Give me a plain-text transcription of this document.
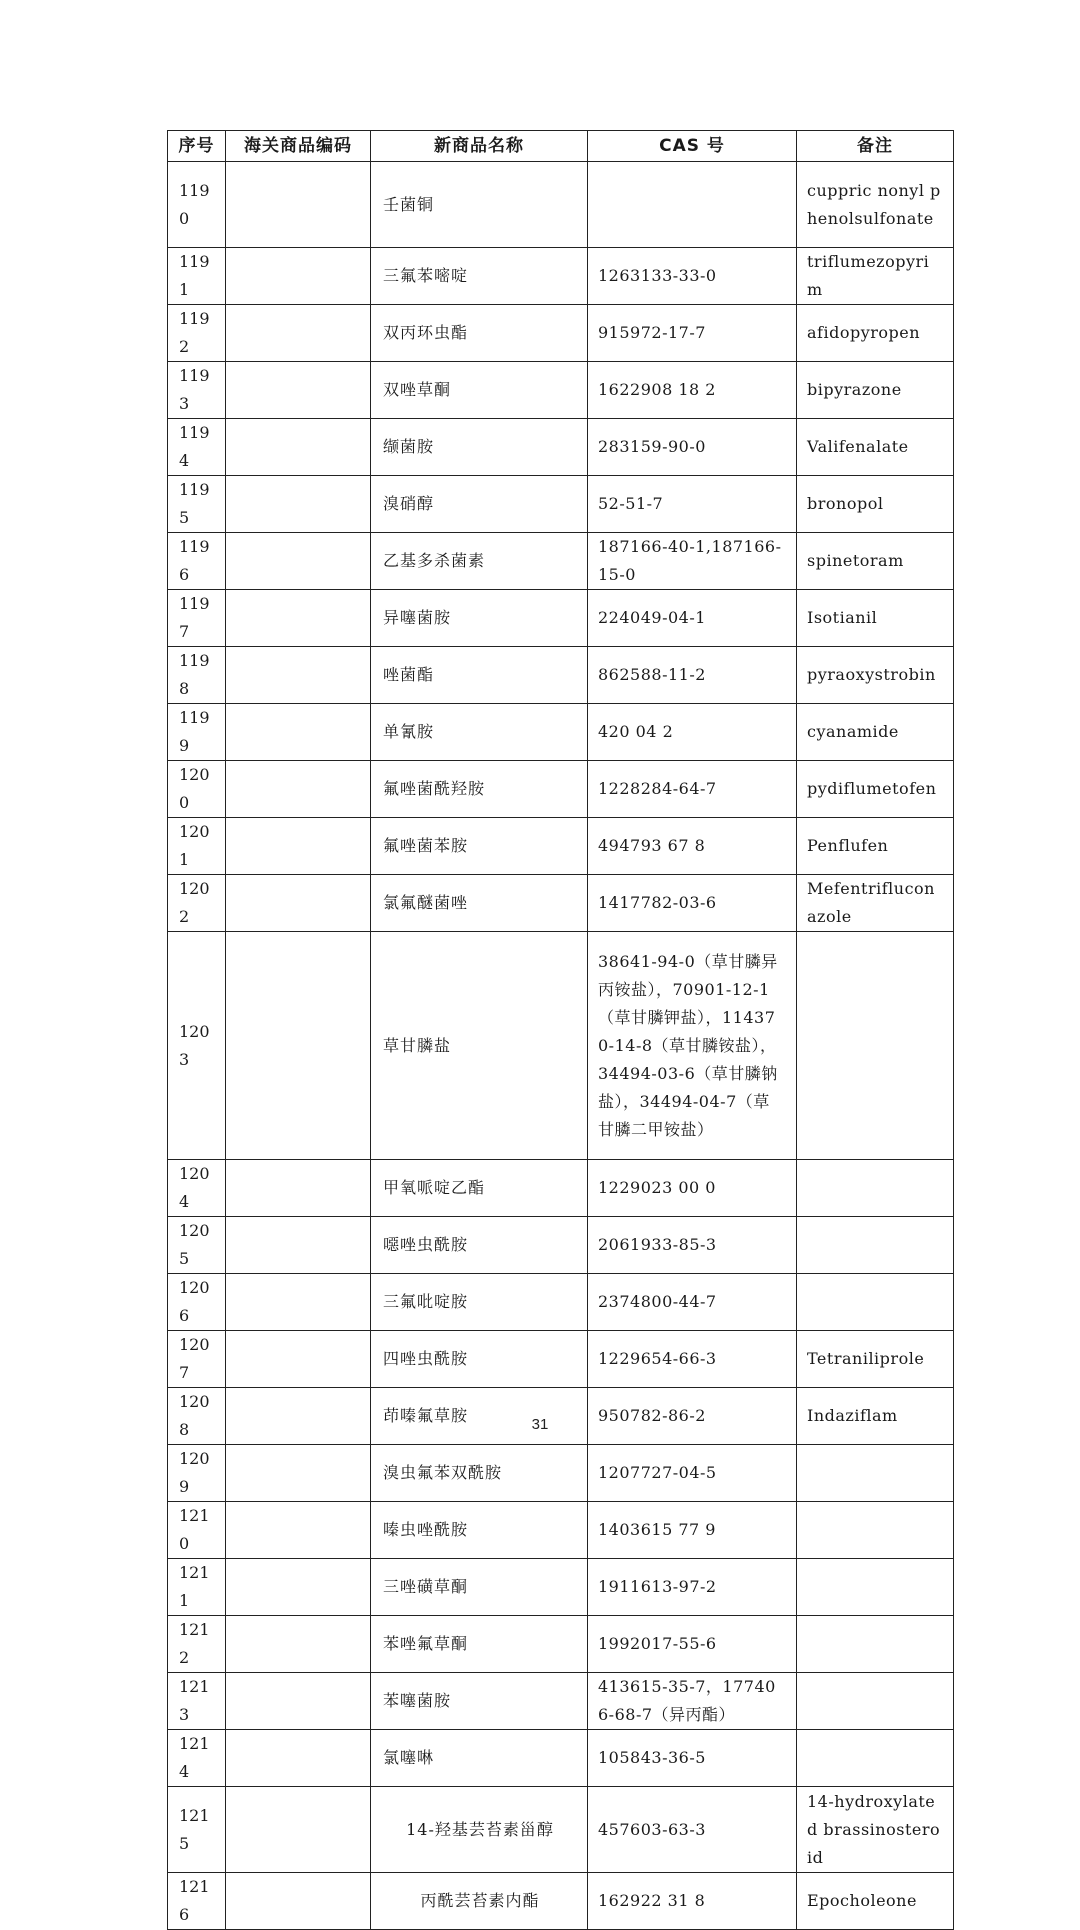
序号	海关商品编码	新商品名称	CAS 号	备注
1190		壬菌铜		cuppric nonyl phenolsulfonate
1191		三氟苯嘧啶	1263133-33-0	triflumezopyrim
1192		双丙环虫酯	915972-17-7	afidopyropen
1193		双唑草酮	1622908 18 2	bipyrazone
1194		缬菌胺	283159-90-0	Valifenalate
1195		溴硝醇	52-51-7	bronopol
1196		乙基多杀菌素	187166-40-1,187166-15-0	spinetoram
1197		异噻菌胺	224049-04-1	Isotianil
1198		唑菌酯	862588-11-2	pyraoxystrobin
1199		单氰胺	420 04 2	cyanamide
1200		氟唑菌酰羟胺	1228284-64-7	pydiflumetofen
1201		氟唑菌苯胺	494793 67 8	Penflufen
1202		氯氟醚菌唑	1417782-03-6	Mefentrifluconazole
1203		草甘膦盐	38641-94-0（草甘膦异丙铵盐），70901-12-1（草甘膦钾盐），114370-14-8（草甘膦铵盐），34494-03-6（草甘膦钠盐），34494-04-7（草甘膦二甲铵盐）	
1204		甲氧哌啶乙酯	1229023 00 0	
1205		噁唑虫酰胺	2061933-85-3	
1206		三氟吡啶胺	2374800-44-7	
1207		四唑虫酰胺	1229654-66-3	Tetraniliprole
1208		茚嗪氟草胺	950782-86-2	Indaziflam
1209		溴虫氟苯双酰胺	1207727-04-5	
1210		嗪虫唑酰胺	1403615 77 9	
1211		三唑磺草酮	1911613-97-2	
1212		苯唑氟草酮	1992017-55-6	
1213		苯噻菌胺	413615-35-7，177406-68-7（异丙酯）	
1214		氯噻啉	105843-36-5	
1215		14-羟基芸苔素甾醇	457603-63-3	14-hydroxylated brassinosteroid
1216		丙酰芸苔素内酯	162922 31 8	Epocholeone
31
